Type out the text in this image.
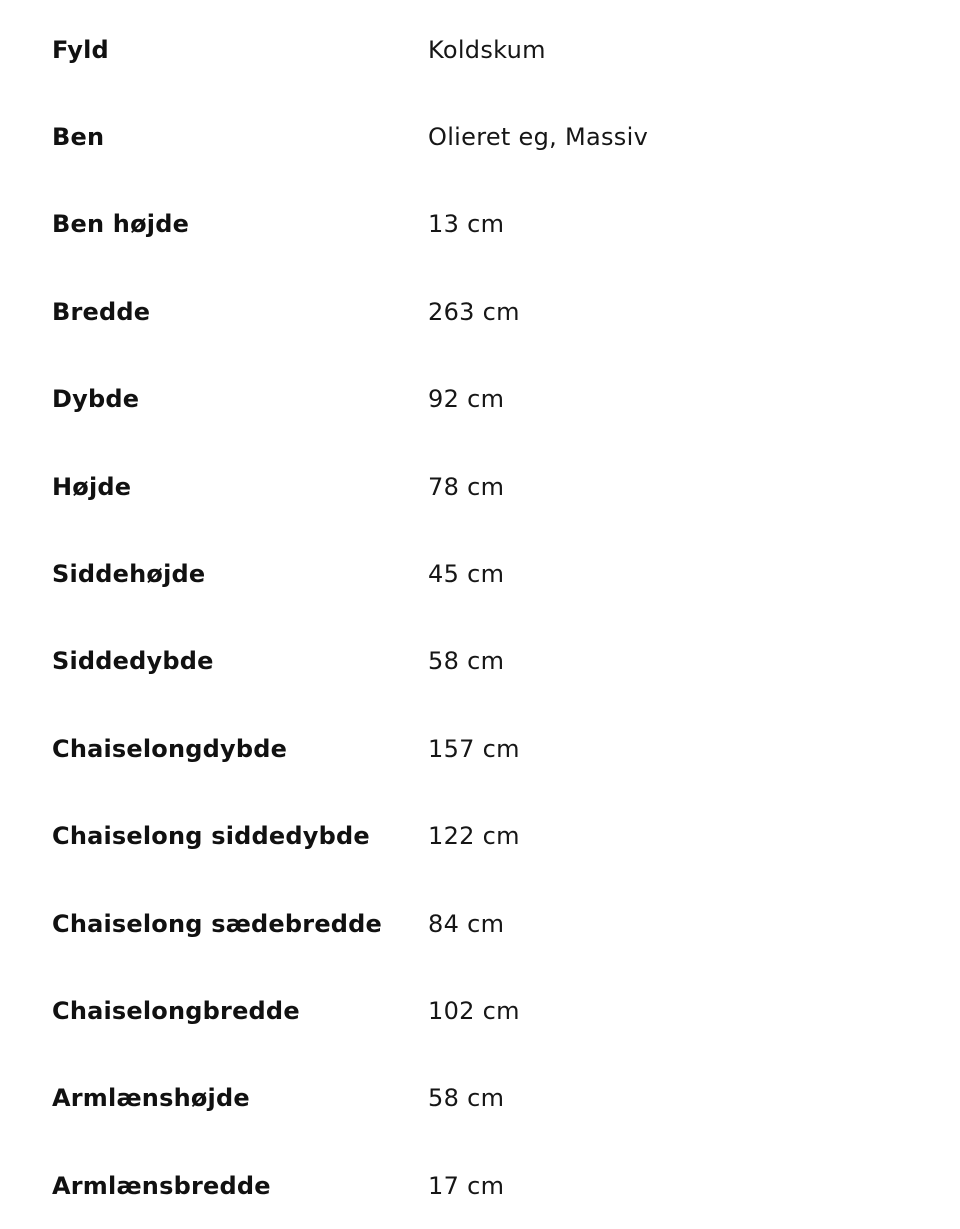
Fyld	Koldskum
Ben	Olieret eg, Massiv
Ben højde	13 cm
Bredde	263 cm
Dybde	92 cm
Højde	78 cm
Siddehøjde	45 cm
Siddedybde	58 cm
Chaiselongdybde	157 cm
Chaiselong siddedybde	122 cm
Chaiselong sædebredde	84 cm
Chaiselongbredde	102 cm
Armlænshøjde	58 cm
Armlænsbredde	17 cm
